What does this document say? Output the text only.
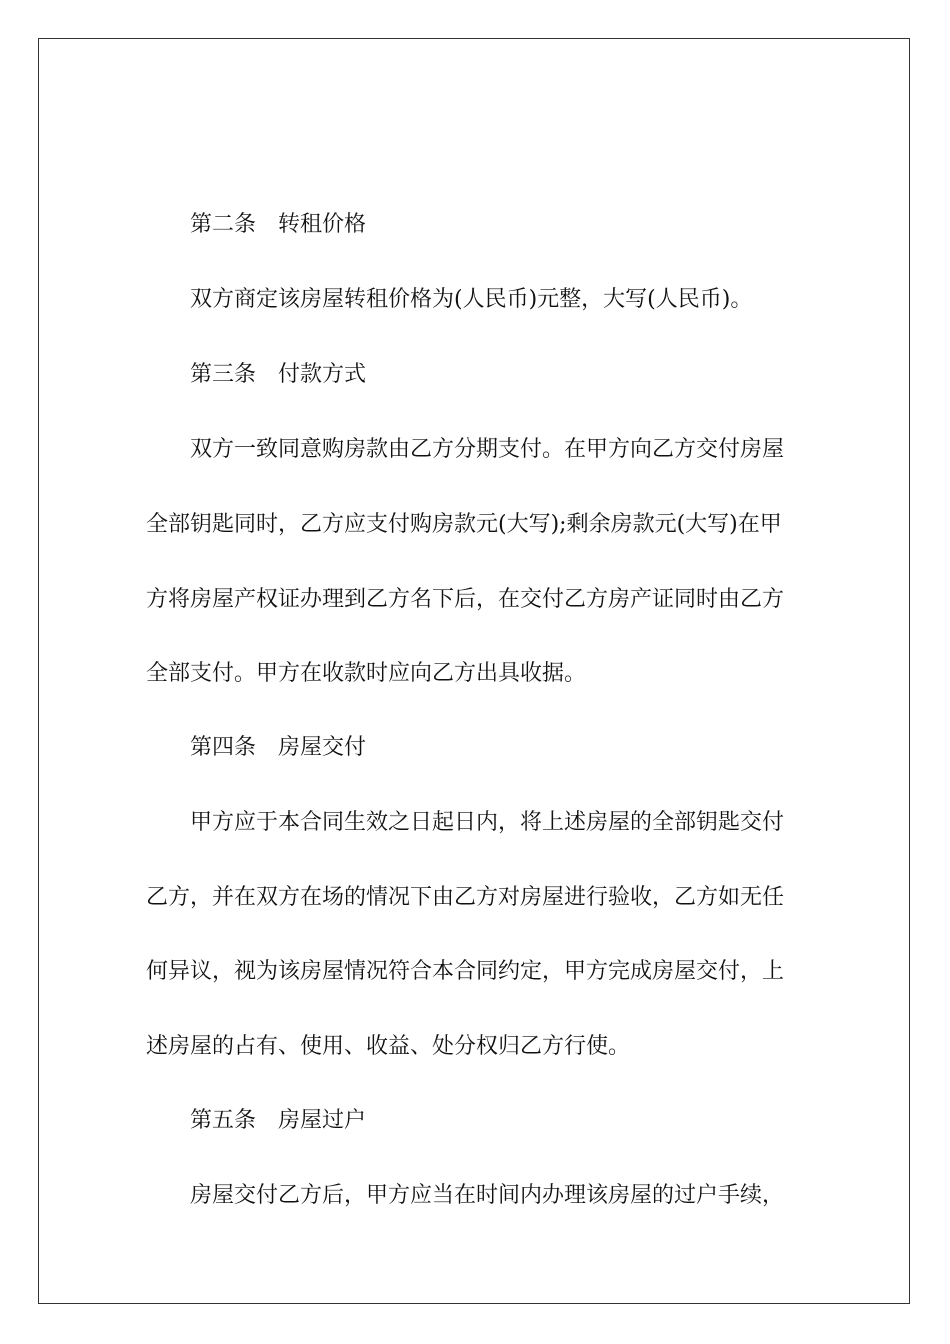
第二条 转租价格
双方商定该房屋转租价格为(人民币)元整，大写(人民币)。
第三条 付款方式
双方一致同意购房款由乙方分期支付。在甲方向乙方交付房屋
全部钥匙同时，乙方应支付购房款元(大写);剩余房款元(大写)在甲
方将房屋产权证办理到乙方名下后，在交付乙方房产证同时由乙方
全部支付。甲方在收款时应向乙方出具收据。
第四条 房屋交付
甲方应于本合同生效之日起日内，将上述房屋的全部钥匙交付
乙方，并在双方在场的情况下由乙方对房屋进行验收，乙方如无任
何异议，视为该房屋情况符合本合同约定，甲方完成房屋交付，上
述房屋的占有、使用、收益、处分权归乙方行使。
第五条 房屋过户
房屋交付乙方后，甲方应当在时间内办理该房屋的过户手续，
